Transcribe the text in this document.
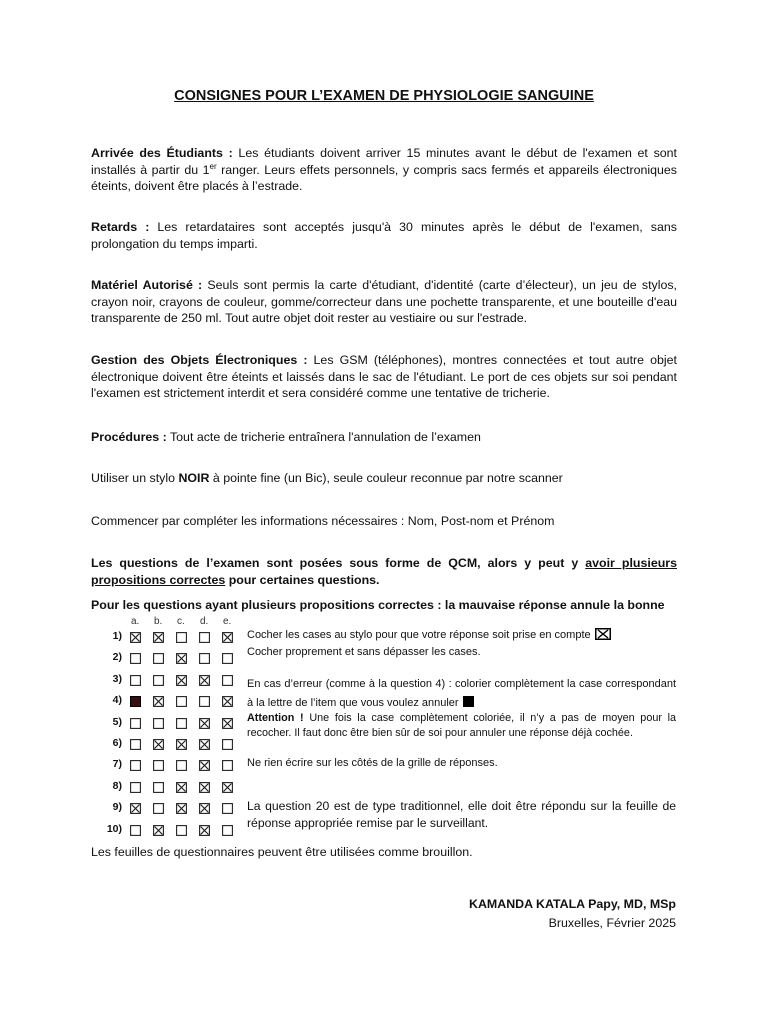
CONSIGNES POUR L’EXAMEN DE PHYSIOLOGIE SANGUINE
Arrivée des Étudiants : Les étudiants doivent arriver 15 minutes avant le début de l'examen et sont installés à partir du 1er ranger. Leurs effets personnels, y compris sacs fermés et appareils électroniques éteints, doivent être placés à l’estrade.
Retards : Les retardataires sont acceptés jusqu'à 30 minutes après le début de l'examen, sans prolongation du temps imparti.
Matériel Autorisé : Seuls sont permis la carte d'étudiant, d'identité (carte d’électeur), un jeu de stylos, crayon noir, crayons de couleur, gomme/correcteur dans une pochette transparente, et une bouteille d'eau transparente de 250 ml. Tout autre objet doit rester au vestiaire ou sur l'estrade.
Gestion des Objets Électroniques : Les GSM (téléphones), montres connectées et tout autre objet électronique doivent être éteints et laissés dans le sac de l'étudiant. Le port de ces objets sur soi pendant l'examen est strictement interdit et sera considéré comme une tentative de tricherie.
Procédures : Tout acte de tricherie entraînera l'annulation de l’examen
Utiliser un stylo NOIR à pointe fine (un Bic), seule couleur reconnue par notre scanner
Commencer par compléter les informations nécessaires : Nom, Post-nom et Prénom
Les questions de l’examen sont posées sous forme de QCM, alors y peut y avoir plusieurs propositions correctes pour certaines questions.
Pour les questions ayant plusieurs propositions correctes : la mauvaise réponse annule la bonne
a. b. c. d. e.
1)
2)
3)
4)
5)
6)
7)
8)
9)
10)
Cocher les cases au stylo pour que votre réponse soit prise en compte
Cocher proprement et sans dépasser les cases.
En cas d’erreur (comme à la question 4) : colorier complètement la case correspondant à la lettre de l’item que vous voulez annuler
Attention ! Une fois la case complètement coloriée, il n’y a pas de moyen pour la recocher. Il faut donc être bien sûr de soi pour annuler une réponse déjà cochée.
Ne rien écrire sur les côtés de la grille de réponses.
La question 20 est de type traditionnel, elle doit être répondu sur la feuille de réponse appropriée remise par le surveillant.
Les feuilles de questionnaires peuvent être utilisées comme brouillon.
KAMANDA KATALA Papy, MD, MSp
Bruxelles, Février 2025
